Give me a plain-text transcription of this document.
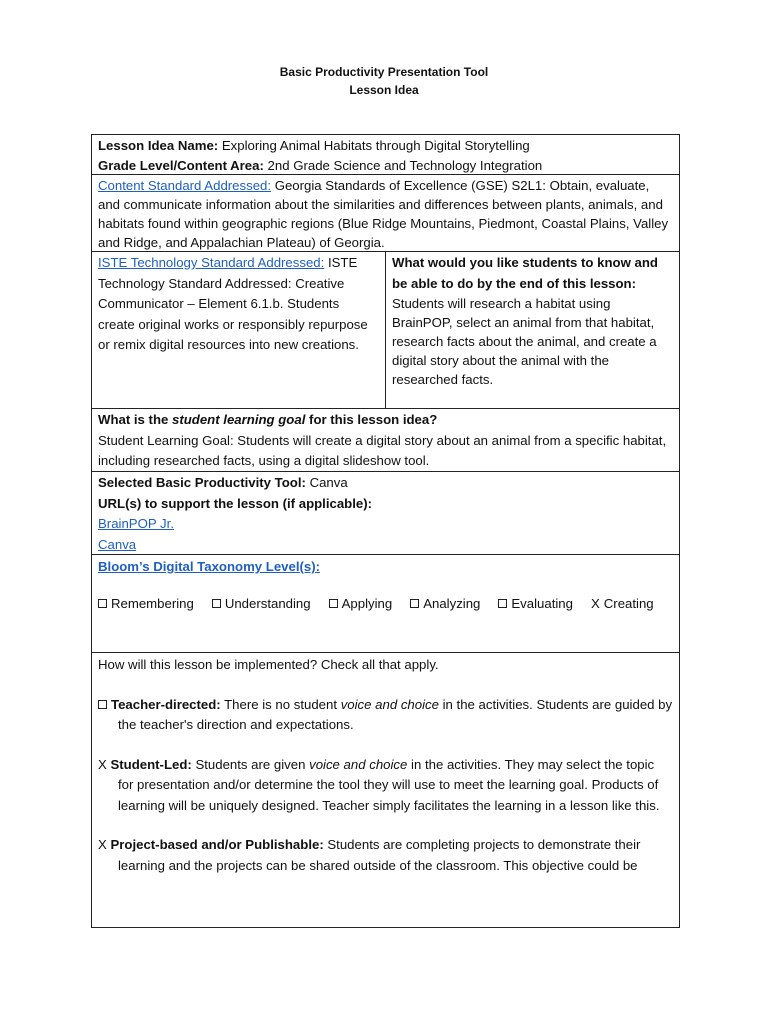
Basic Productivity Presentation Tool
Lesson Idea
Lesson Idea Name: Exploring Animal Habitats through Digital Storytelling
Grade Level/Content Area: 2nd Grade Science and Technology Integration
Content Standard Addressed: Georgia Standards of Excellence (GSE) S2L1: Obtain, evaluate, and communicate information about the similarities and differences between plants, animals, and habitats found within geographic regions (Blue Ridge Mountains, Piedmont, Coastal Plains, Valley and Ridge, and Appalachian Plateau) of Georgia.
ISTE Technology Standard Addressed: ISTE Technology Standard Addressed: Creative Communicator – Element 6.1.b. Students create original works or responsibly repurpose or remix digital resources into new creations.
What would you like students to know and be able to do by the end of this lesson:
Students will research a habitat using BrainPOP, select an animal from that habitat, research facts about the animal, and create a digital story about the animal with the researched facts.
What is the student learning goal for this lesson idea?
Student Learning Goal: Students will create a digital story about an animal from a specific habitat, including researched facts, using a digital slideshow tool.
Selected Basic Productivity Tool: Canva
URL(s) to support the lesson (if applicable):
BrainPOP Jr.
Canva
Bloom’s Digital Taxonomy Level(s):
Remembering	Understanding	Applying	Analyzing	Evaluating X Creating
How will this lesson be implemented? Check all that apply.
Teacher-directed: There is no student voice and choice in the activities. Students are guided by the teacher's direction and expectations.
X Student-Led: Students are given voice and choice in the activities. They may select the topic for presentation and/or determine the tool they will use to meet the learning goal. Products of learning will be uniquely designed. Teacher simply facilitates the learning in a lesson like this.
X Project-based and/or Publishable: Students are completing projects to demonstrate their learning and the projects can be shared outside of the classroom. This objective could be
